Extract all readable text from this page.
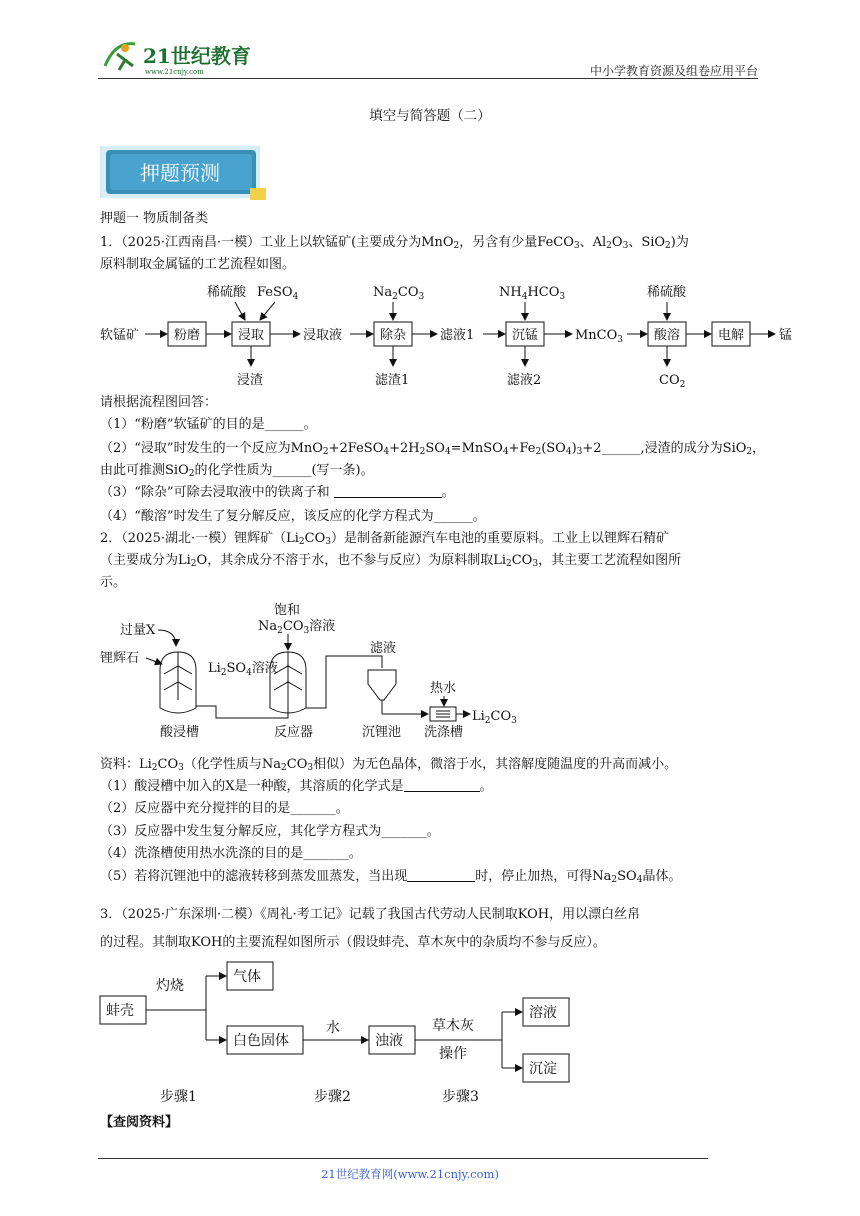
21世纪教育
www.21cnjy.com	中小学教育资源及组卷应用平台
填空与简答题（二）
押题预测
押题一 物质制备类
1．（2025·江西南昌·一模）工业上以软锰矿(主要成分为MnO$_2$，另含有少量FeCO$_3$、$Al_2O_3$、SiO$_2$)为
原料制取金属锰的工艺流程如图。
软锰矿	粉磨	浸取
稀硫酸 FeSO$_4$
浸渣
浸取液	除杂
$Na_2CO_3$
滤渣1
滤液1	沉锰
$NH_4HCO_3$
滤液2
MnCO$_3$ 酸溶
稀硫酸
$CO_2$
电解	锰
请根据流程图回答：
（1）“粉磨”软锰矿的目的是______。
（2）“浸取”时发生的一个反应为$MnO_2+2FeSO_4+2H_2SO_4=MnSO_4+Fe_2(SO_4)_3+2\_\_\_\_\_\_$,浸渣的成分为SiO$_2$，
由此可推测SiO$_2$的化学性质为______(写一条)。
（3）“除杂”可除去浸取液中的铁离子和	。
（4）“酸溶”时发生了复分解反应，该反应的化学方程式为______。
2．（2025·湖北·一模）锂辉矿$(Li_2CO_3)$是制备新能源汽车电池的重要原料。工业上以锂辉石精矿
（主要成分为$Li_2O$，其余成分不溶于水，也不参与反应）为原料制取$Li_2CO_3$，其主要工艺流程如图所
示。
过量X
锂辉石
酸浸槽
$Li_2SO_4$溶液
饱和
$Na_2CO_3$溶液
反应器
滤液
沉锂池
热水
$Li_2CO_3$
洗涤槽
资料：$Li_2CO_3$（化学性质与$Na_2CO_3$相似）为无色晶体，微溶于水，其溶解度随温度的升高而减小。
（1）酸浸槽中加入的X是一种酸，其溶质的化学式是	。
（2）反应器中充分搅拌的目的是_______。
（3）反应器中发生复分解反应，其化学方程式为_______。
（4）洗涤槽使用热水洗涤的目的是_______。
（5）若将沉锂池中的滤液转移到蒸发皿蒸发，当出现	时，停止加热，可得$Na_2SO_4$晶体。
3．（2025·广东深圳·二模）《周礼·考工记》记载了我国古代劳动人民制取KOH，用以漂白丝帛
的过程。其制取KOH的主要流程如图所示（假设蚌壳、草木灰中的杂质均不参与反应）。
蚌壳
灼烧
气体
白色固体
水
浊液
草木灰
操作
溶液
沉淀
步骤1	步骤2	步骤3
【查阅资料】
21世纪教育网(www.21cnjy.com)
